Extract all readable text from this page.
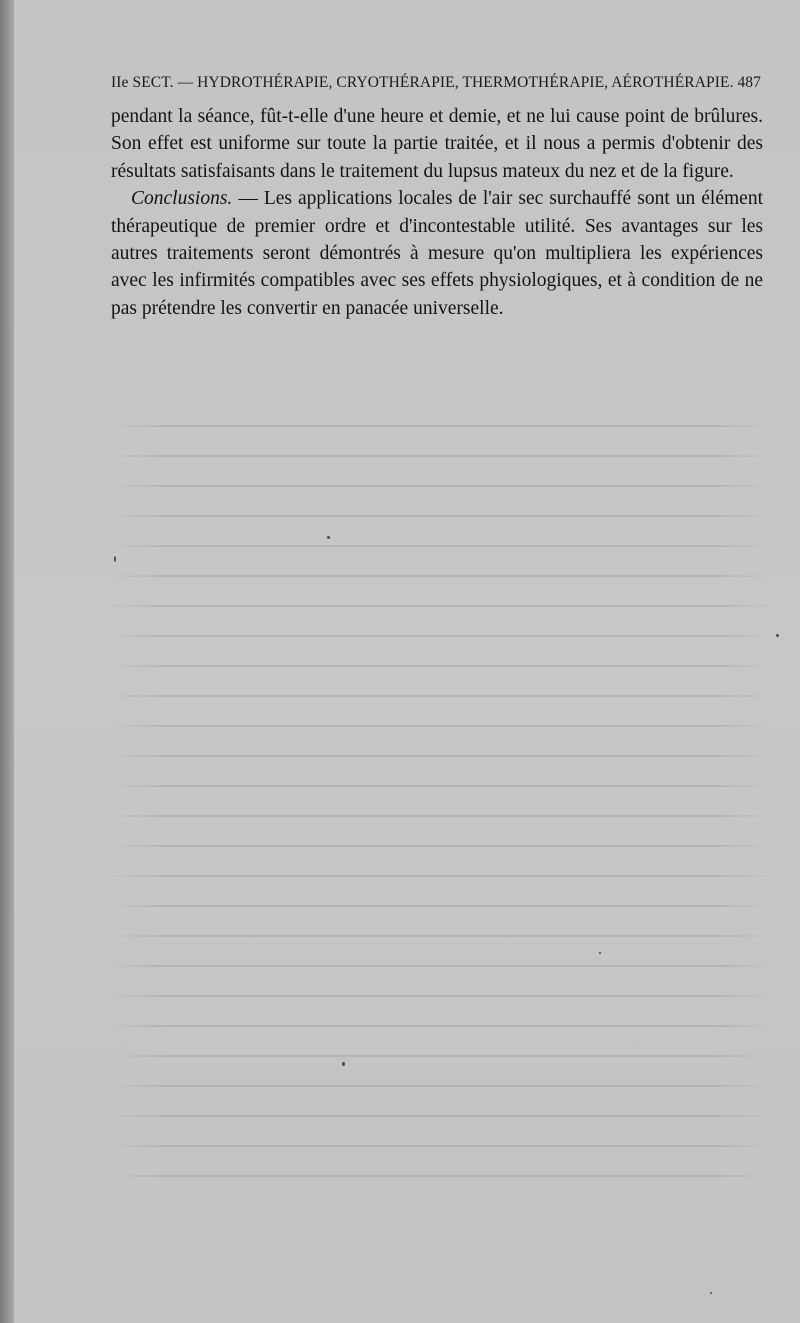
IIe SECT. — HYDROTHÉRAPIE, CRYOTHÉRAPIE, THERMOTHÉRAPIE, AÉROTHÉRAPIE. 487

pendant la séance, fût-t-elle d'une heure et demie, et ne lui cause point de brûlures. Son effet est uniforme sur toute la partie traitée, et il nous a permis d'obtenir des résultats satisfaisants dans le traitement du lupsus mateux du nez et de la figure.

Conclusions. — Les applications locales de l'air sec surchauffé sont un élément thérapeutique de premier ordre et d'incontestable utilité. Ses avantages sur les autres traitements seront démontrés à mesure qu'on multipliera les expériences avec les infirmités compatibles avec ses effets physiologiques, et à condition de ne pas prétendre les convertir en panacée universelle.
